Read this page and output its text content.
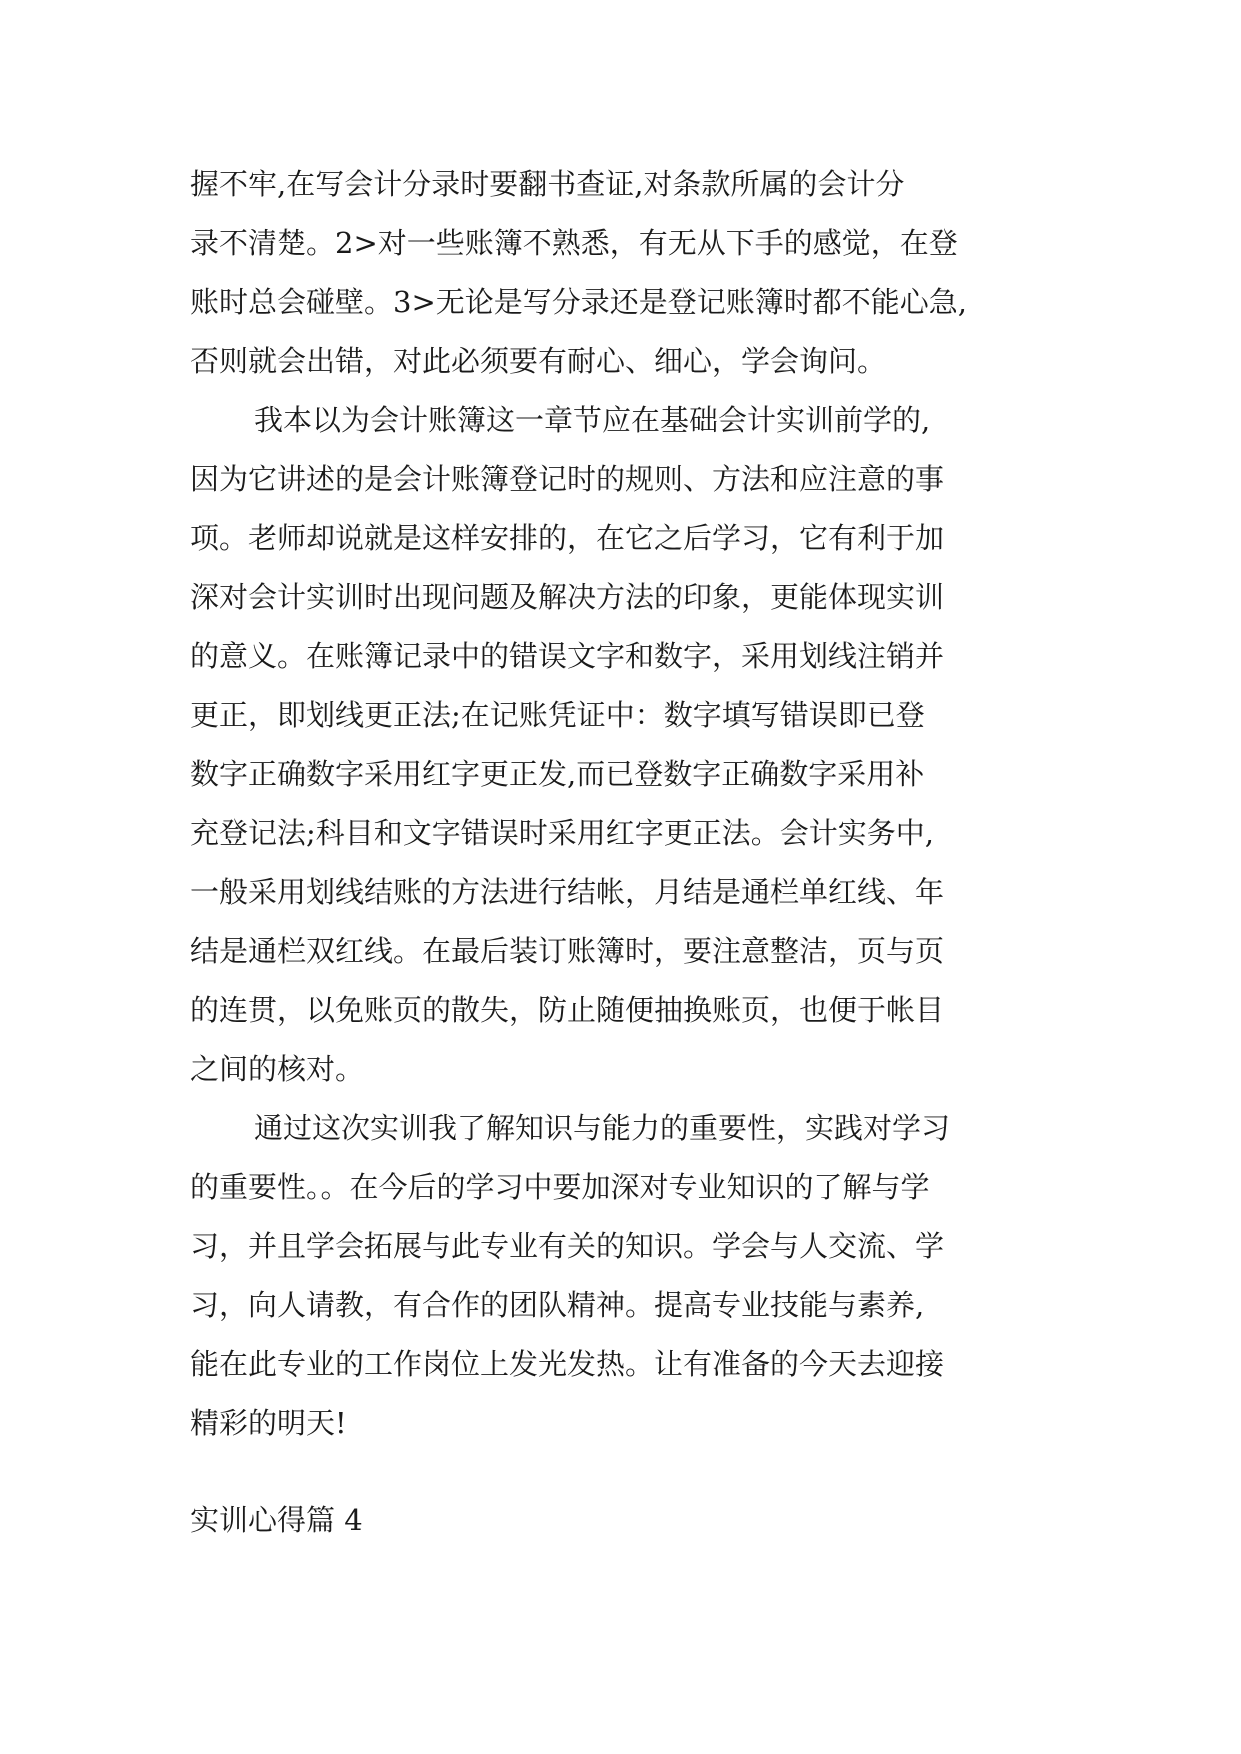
握不牢,在写会计分录时要翻书查证,对条款所属的会计分
录不清楚。2>对一些账簿不熟悉，有无从下手的感觉，在登
账时总会碰壁。3>无论是写分录还是登记账簿时都不能心急,
否则就会出错，对此必须要有耐心、细心，学会询问。
我本以为会计账簿这一章节应在基础会计实训前学的,
因为它讲述的是会计账簿登记时的规则、方法和应注意的事
项。老师却说就是这样安排的，在它之后学习，它有利于加
深对会计实训时出现问题及解决方法的印象，更能体现实训
的意义。在账簿记录中的错误文字和数字，采用划线注销并
更正，即划线更正法;在记账凭证中：数字填写错误即已登
数字正确数字采用红字更正发,而已登数字正确数字采用补
充登记法;科目和文字错误时采用红字更正法。会计实务中,
一般采用划线结账的方法进行结帐，月结是通栏单红线、年
结是通栏双红线。在最后装订账簿时，要注意整洁，页与页
的连贯，以免账页的散失，防止随便抽换账页，也便于帐目
之间的核对。
通过这次实训我了解知识与能力的重要性，实践对学习
的重要性。。在今后的学习中要加深对专业知识的了解与学
习，并且学会拓展与此专业有关的知识。学会与人交流、学
习，向人请教，有合作的团队精神。提高专业技能与素养,
能在此专业的工作岗位上发光发热。让有准备的今天去迎接
精彩的明天!
实训心得篇 4
